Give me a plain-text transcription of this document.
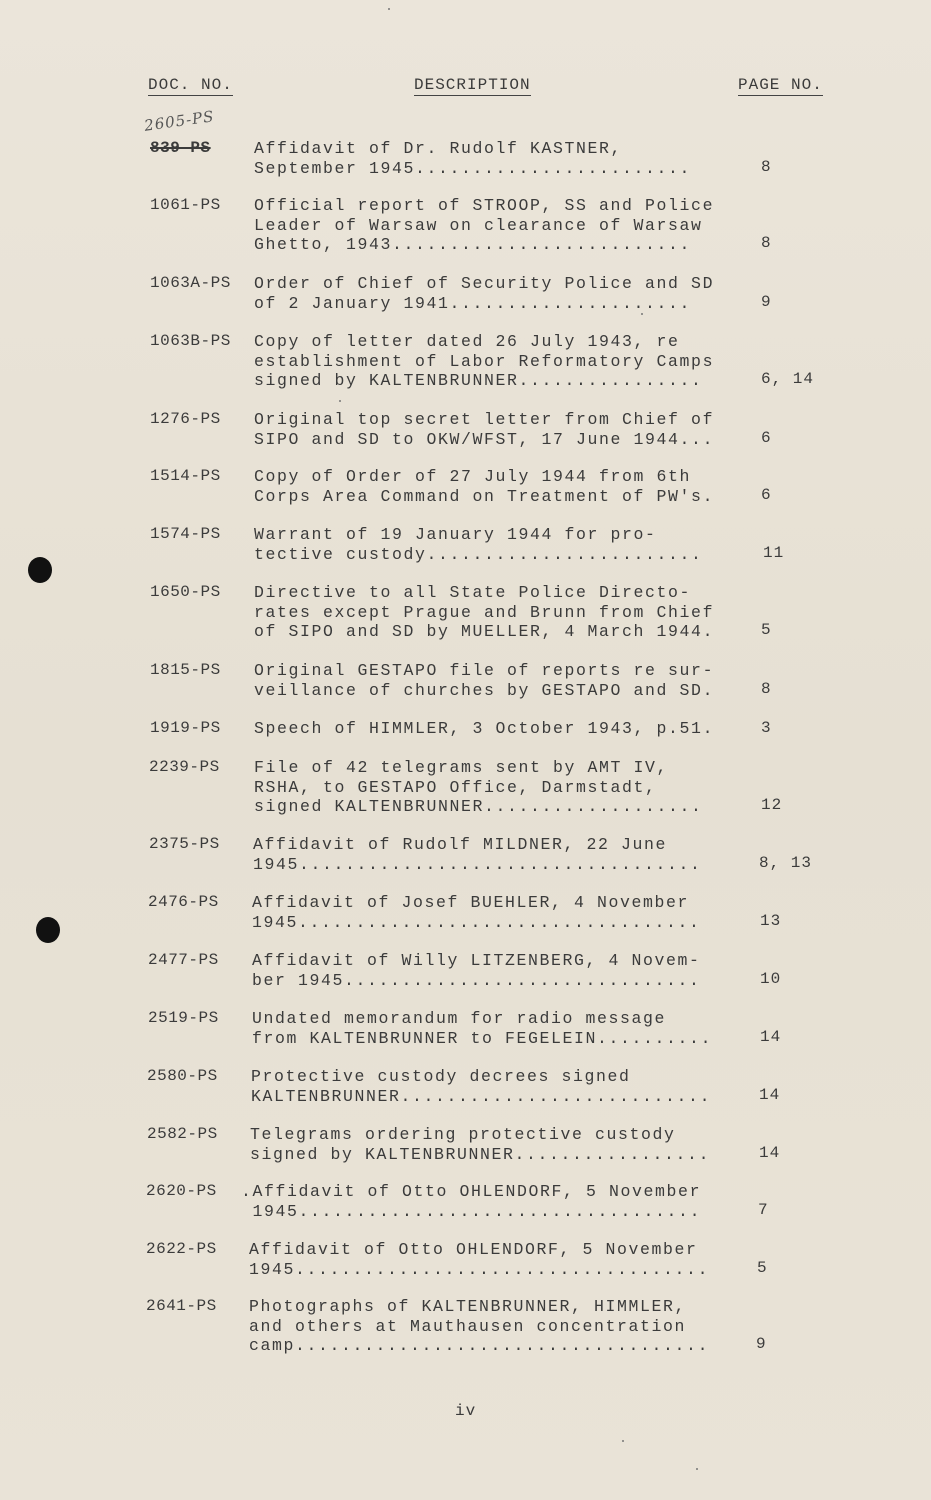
DOC. NO.	DESCRIPTION	PAGE NO.
2605-PS
839-PS	Affidavit of Dr. Rudolf KASTNER,
September 1945........................	8
1061-PS Official report of STROOP, SS and Police
Leader of Warsaw on clearance of Warsaw
Ghetto, 1943..........................	8
1063A-PS Order of Chief of Security Police and SD
of 2 January 1941.....................	9
1063B-PS Copy of letter dated 26 July 1943, re
establishment of Labor Reformatory Camps
signed by KALTENBRUNNER................	6, 14
1276-PS Original top secret letter from Chief of
SIPO and SD to OKW/WFST, 17 June 1944...	6
1514-PS Copy of Order of 27 July 1944 from 6th
Corps Area Command on Treatment of PW's.	6
1574-PS Warrant of 19 January 1944 for pro-
tective custody........................	11
1650-PS Directive to all State Police Directo-
rates except Prague and Brunn from Chief
of SIPO and SD by MUELLER, 4 March 1944.	5
1815-PS Original GESTAPO file of reports re sur-
veillance of churches by GESTAPO and SD.	8
1919-PS Speech of HIMMLER, 3 October 1943, p.51.	3
2239-PS File of 42 telegrams sent by AMT IV,
RSHA, to GESTAPO Office, Darmstadt,
signed KALTENBRUNNER...................	12
2375-PS Affidavit of Rudolf MILDNER, 22 June
1945...................................	8, 13
2476-PS Affidavit of Josef BUEHLER, 4 November
1945...................................	13
2477-PS Affidavit of Willy LITZENBERG, 4 Novem-
ber 1945...............................	10
2519-PS Undated memorandum for radio message
from KALTENBRUNNER to FEGELEIN..........	14
2580-PS Protective custody decrees signed
KALTENBRUNNER...........................	14
2582-PS Telegrams ordering protective custody
signed by KALTENBRUNNER.................	14
2620-PS .Affidavit of Otto OHLENDORF, 5 November
1945...................................	7
2622-PS Affidavit of Otto OHLENDORF, 5 November
1945....................................	5
2641-PS Photographs of KALTENBRUNNER, HIMMLER,
and others at Mauthausen concentration
camp....................................	9
iv
